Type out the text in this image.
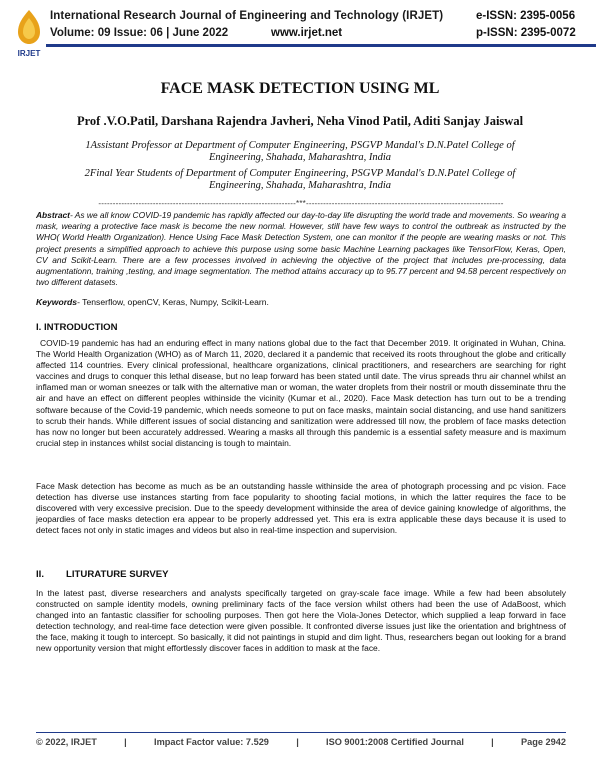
IRJET
International Research Journal of Engineering and Technology (IRJET)	e-ISSN: 2395-0056
Volume: 09 Issue: 06 | June 2022	www.irjet.net	p-ISSN: 2395-0072
FACE MASK DETECTION USING ML
Prof .V.O.Patil, Darshana Rajendra Javheri, Neha Vinod Patil, Aditi Sanjay Jaiswal
1Assistant Professor at Department of Computer Engineering, PSGVP Mandal's D.N.Patel College of Engineering, Shahada, Maharashtra, India
2Final Year Students of Department of Computer Engineering, PSGVP Mandal's D.N.Patel College of Engineering, Shahada, Maharashtra, India
---------------------------------------------------------------------***---------------------------------------------------------------------
Abstract- As we all know COVID-19 pandemic has rapidly affected our day-to-day life disrupting the world trade and movements. So wearing a mask, wearing a protective face mask is become the new normal. However, still have few ways to control the outbreak as instructed by the WHO( World Health Organization). Hence Using Face Mask Detection System, one can monitor if the people are wearing masks or not. This project presents a simplified approach to achieve this purpose using some basic Machine Learning packages like TensorFlow, Keras, Open, CV and Scikit-Learn. There are a few processes involved in achieving the objective of the project that includes pre-processing, data augmentationn, training ,testing, and image segmentation. The method attains accuracy up to 95.77 percent and 94.58 percent respectively on two different datasets.
Keywords- Tenserflow, openCV, Keras, Numpy, Scikit-Learn.
I. INTRODUCTION
COVID-19 pandemic has had an enduring effect in many nations global due to the fact that December 2019. It originated in Wuhan, China. The World Health Organization (WHO) as of March 11, 2020, declared it a pandemic that received its roots throughout the globe and critically affected 114 countries. Every clinical professional, healthcare organizations, clinical practitioners, and researchers are searching for right vaccines and drugs to conquer this lethal disease, but no leap forward has been stated until date. The virus spreads thru air channel whilst an inflamed man or woman sneezes or talk with the alternative man or woman, the water droplets from their nostril or mouth disseminate thru the air and have an effect on different peoples withinside the vicinity (Kumar et al., 2020). Face Mask detection has turn out to be a trending software because of the Covid-19 pandemic, which needs someone to put on face masks, maintain social distancing, and use hand sanitizers to scrub their hands. While different issues of social distancing and sanitization were addressed till now, the problem of face masks detection has now no longer but been accurately addressed. Wearing a masks all through this pandemic is a essential safety measure and is maximum crucial step in instances whilst social distancing is tough to maintain.
Face Mask detection has become as much as be an outstanding hassle withinside the area of photograph processing and pc vision. Face detection has diverse use instances starting from face popularity to shooting facial motions, in which the latter requires the face to be discovered with very excessive precision. Due to the speedy development withinside the area of device gaining knowledge of algorithms, the jeopardies of face masks detection era appear to be properly addressed yet. This era is extra applicable these days because it is used to detect faces not only in static images and videos but also in real-time inspection and supervision.
II. LITURATURE SURVEY
In the latest past, diverse researchers and analysts specifically targeted on gray-scale face image. While a few had been absolutely constructed on sample identity models, owning preliminary facts of the face version whilst others had been the use of AdaBoost, which changed into an fantastic classifier for schooling purposes. Then got here the Viola-Jones Detector, which supplied a leap forward in face detection technology, and real-time face detection were given possible. It confronted diverse issues just like the orientation and brightness of the face, making it tough to intercept. So basically, it did not paintings in stupid and dim light. Thus, researchers began out looking for a brand new opportunity version that might effortlessly discover faces in addition to mask at the face.
© 2022, IRJET	|	Impact Factor value: 7.529	|	ISO 9001:2008 Certified Journal	|	Page 2942
